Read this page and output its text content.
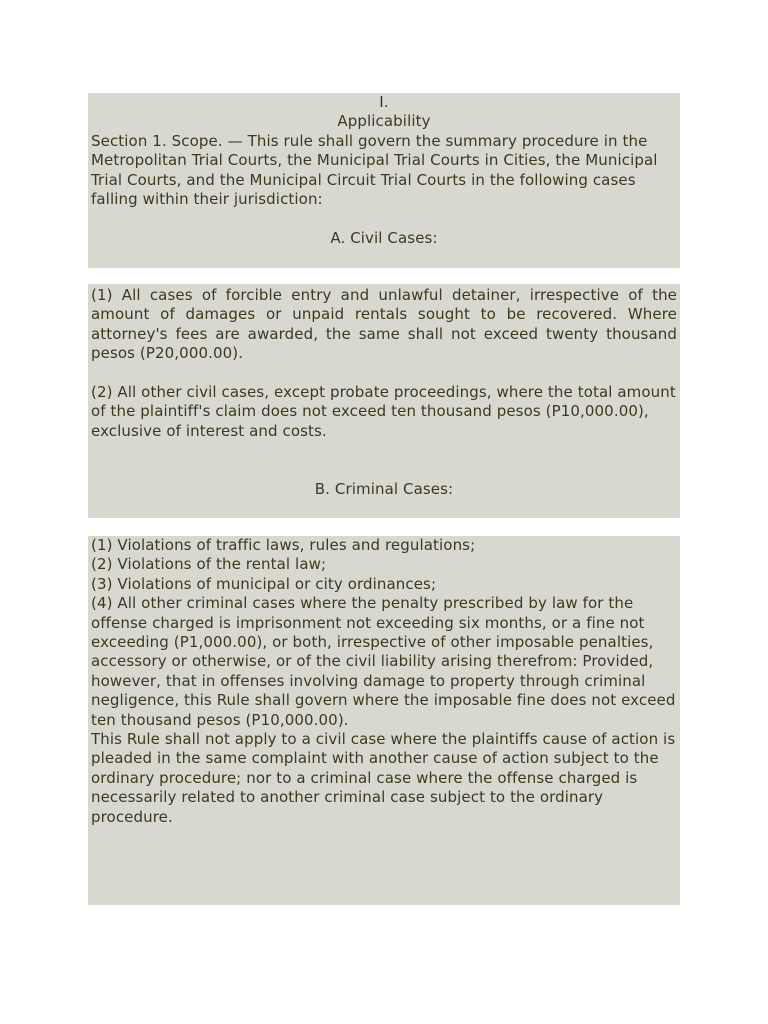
I.

Applicability

Section 1. Scope. — This rule shall govern the summary procedure in the Metropolitan Trial Courts, the Municipal Trial Courts in Cities, the Municipal Trial Courts, and the Municipal Circuit Trial Courts in the following cases falling within their jurisdiction:

A. Civil Cases:

(1) All cases of forcible entry and unlawful detainer, irrespective of the amount of damages or unpaid rentals sought to be recovered. Where attorney's fees are awarded, the same shall not exceed twenty thousand pesos (P20,000.00).

(2) All other civil cases, except probate proceedings, where the total amount of the plaintiff's claim does not exceed ten thousand pesos (P10,000.00), exclusive of interest and costs.

B. Criminal Cases:

(1) Violations of traffic laws, rules and regulations;

(2) Violations of the rental law;

(3) Violations of municipal or city ordinances;

(4) All other criminal cases where the penalty prescribed by law for the offense charged is imprisonment not exceeding six months, or a fine not exceeding (P1,000.00), or both, irrespective of other imposable penalties, accessory or otherwise, or of the civil liability arising therefrom: Provided, however, that in offenses involving damage to property through criminal negligence, this Rule shall govern where the imposable fine does not exceed ten thousand pesos (P10,000.00).

This Rule shall not apply to a civil case where the plaintiffs cause of action is pleaded in the same complaint with another cause of action subject to the ordinary procedure; nor to a criminal case where the offense charged is necessarily related to another criminal case subject to the ordinary procedure.
